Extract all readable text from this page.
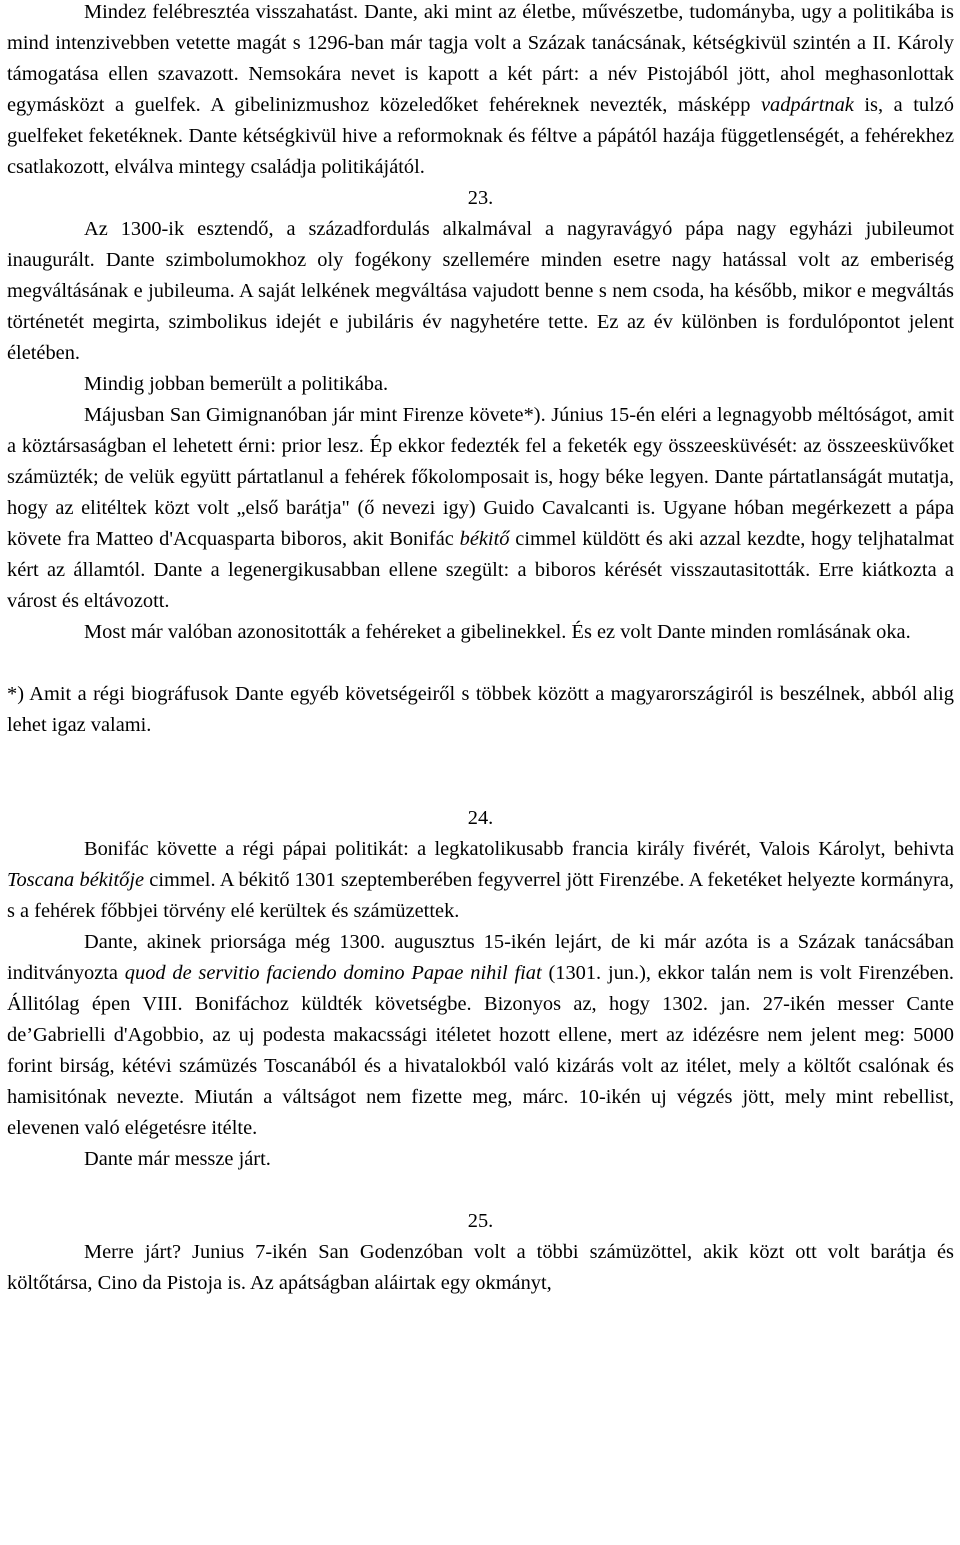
Mindez felébresztéa visszahatást. Dante, aki mint az életbe, művészetbe, tudományba, ugy a politikába is mind intenzivebben vetette magát s 1296-ban már tagja volt a Százak tanácsának, kétségkivül szintén a II. Károly támogatása ellen szavazott. Nemsokára nevet is kapott a két párt: a név Pistojából jött, ahol meghasonlottak egymásközt a guelfek. A gibelinizmushoz közeledőket fehéreknek nevezték, másképp vadpártnak is, a tulzó guelfeket feketéknek. Dante kétségkivül hive a reformoknak és féltve a pápától hazája függetlenségét, a fehérekhez csatlakozott, elválva mintegy családja politikájától.

23.

Az 1300-ik esztendő, a századfordulás alkalmával a nagyravágyó pápa nagy egyházi jubileumot inaugurált. Dante szimbolumokhoz oly fogékony szellemére minden esetre nagy hatással volt az emberiség megváltásának e jubileuma. A saját lelkének megváltása vajudott benne s nem csoda, ha később, mikor e megváltás történetét megirta, szimbolikus idejét e jubiláris év nagyhetére tette. Ez az év különben is fordulópontot jelent életében.

Mindig jobban bemerült a politikába.

Májusban San Gimignanóban jár mint Firenze követe*). Június 15-én eléri a legnagyobb méltóságot, amit a köztársaságban el lehetett érni: prior lesz. Ép ekkor fedezték fel a feketék egy összeesküvését: az összeesküvőket számüzték; de velük együtt pártatlanul a fehérek főkolomposait is, hogy béke legyen. Dante pártatlanságát mutatja, hogy az elitéltek közt volt „első barátja" (ő nevezi igy) Guido Cavalcanti is. Ugyane hóban megérkezett a pápa követe fra Matteo d'Acquasparta biboros, akit Bonifác békitő cimmel küldött és aki azzal kezdte, hogy teljhatalmat kért az államtól. Dante a legenergikusabban ellene szegült: a biboros kérését visszautasitották. Erre kiátkozta a várost és eltávozott.

Most már valóban azonositották a fehéreket a gibelinekkel. És ez volt Dante minden romlásának oka.

*) Amit a régi biográfusok Dante egyéb követségeiről s többek között a magyarországiról is beszélnek, abból alig lehet igaz valami.

24.

Bonifác követte a régi pápai politikát: a legkatolikusabb francia király fivérét, Valois Károlyt, behivta Toscana békitője cimmel. A békitő 1301 szeptemberében fegyverrel jött Firenzébe. A feketéket helyezte kormányra, s a fehérek főbbjei törvény elé kerültek és számüzettek.

Dante, akinek priorsága még 1300. augusztus 15-ikén lejárt, de ki már azóta is a Százak tanácsában inditványozta quod de servitio faciendo domino Papae nihil fiat (1301. jun.), ekkor talán nem is volt Firenzében. Állitólag épen VIII. Bonifáchoz küldték követségbe. Bizonyos az, hogy 1302. jan. 27-ikén messer Cante de’Gabrielli d'Agobbio, az uj podesta makacssági itéletet hozott ellene, mert az idézésre nem jelent meg: 5000 forint birság, kétévi számüzés Toscanából és a hivatalokból való kizárás volt az itélet, mely a költőt csalónak és hamisitónak nevezte. Miután a váltságot nem fizette meg, márc. 10-ikén uj végzés jött, mely mint rebellist, elevenen való elégetésre itélte.

Dante már messze járt.

25.

Merre járt? Junius 7-ikén San Godenzóban volt a többi számüzöttel, akik közt ott volt barátja és költőtársa, Cino da Pistoja is. Az apátságban aláirtak egy okmányt,
